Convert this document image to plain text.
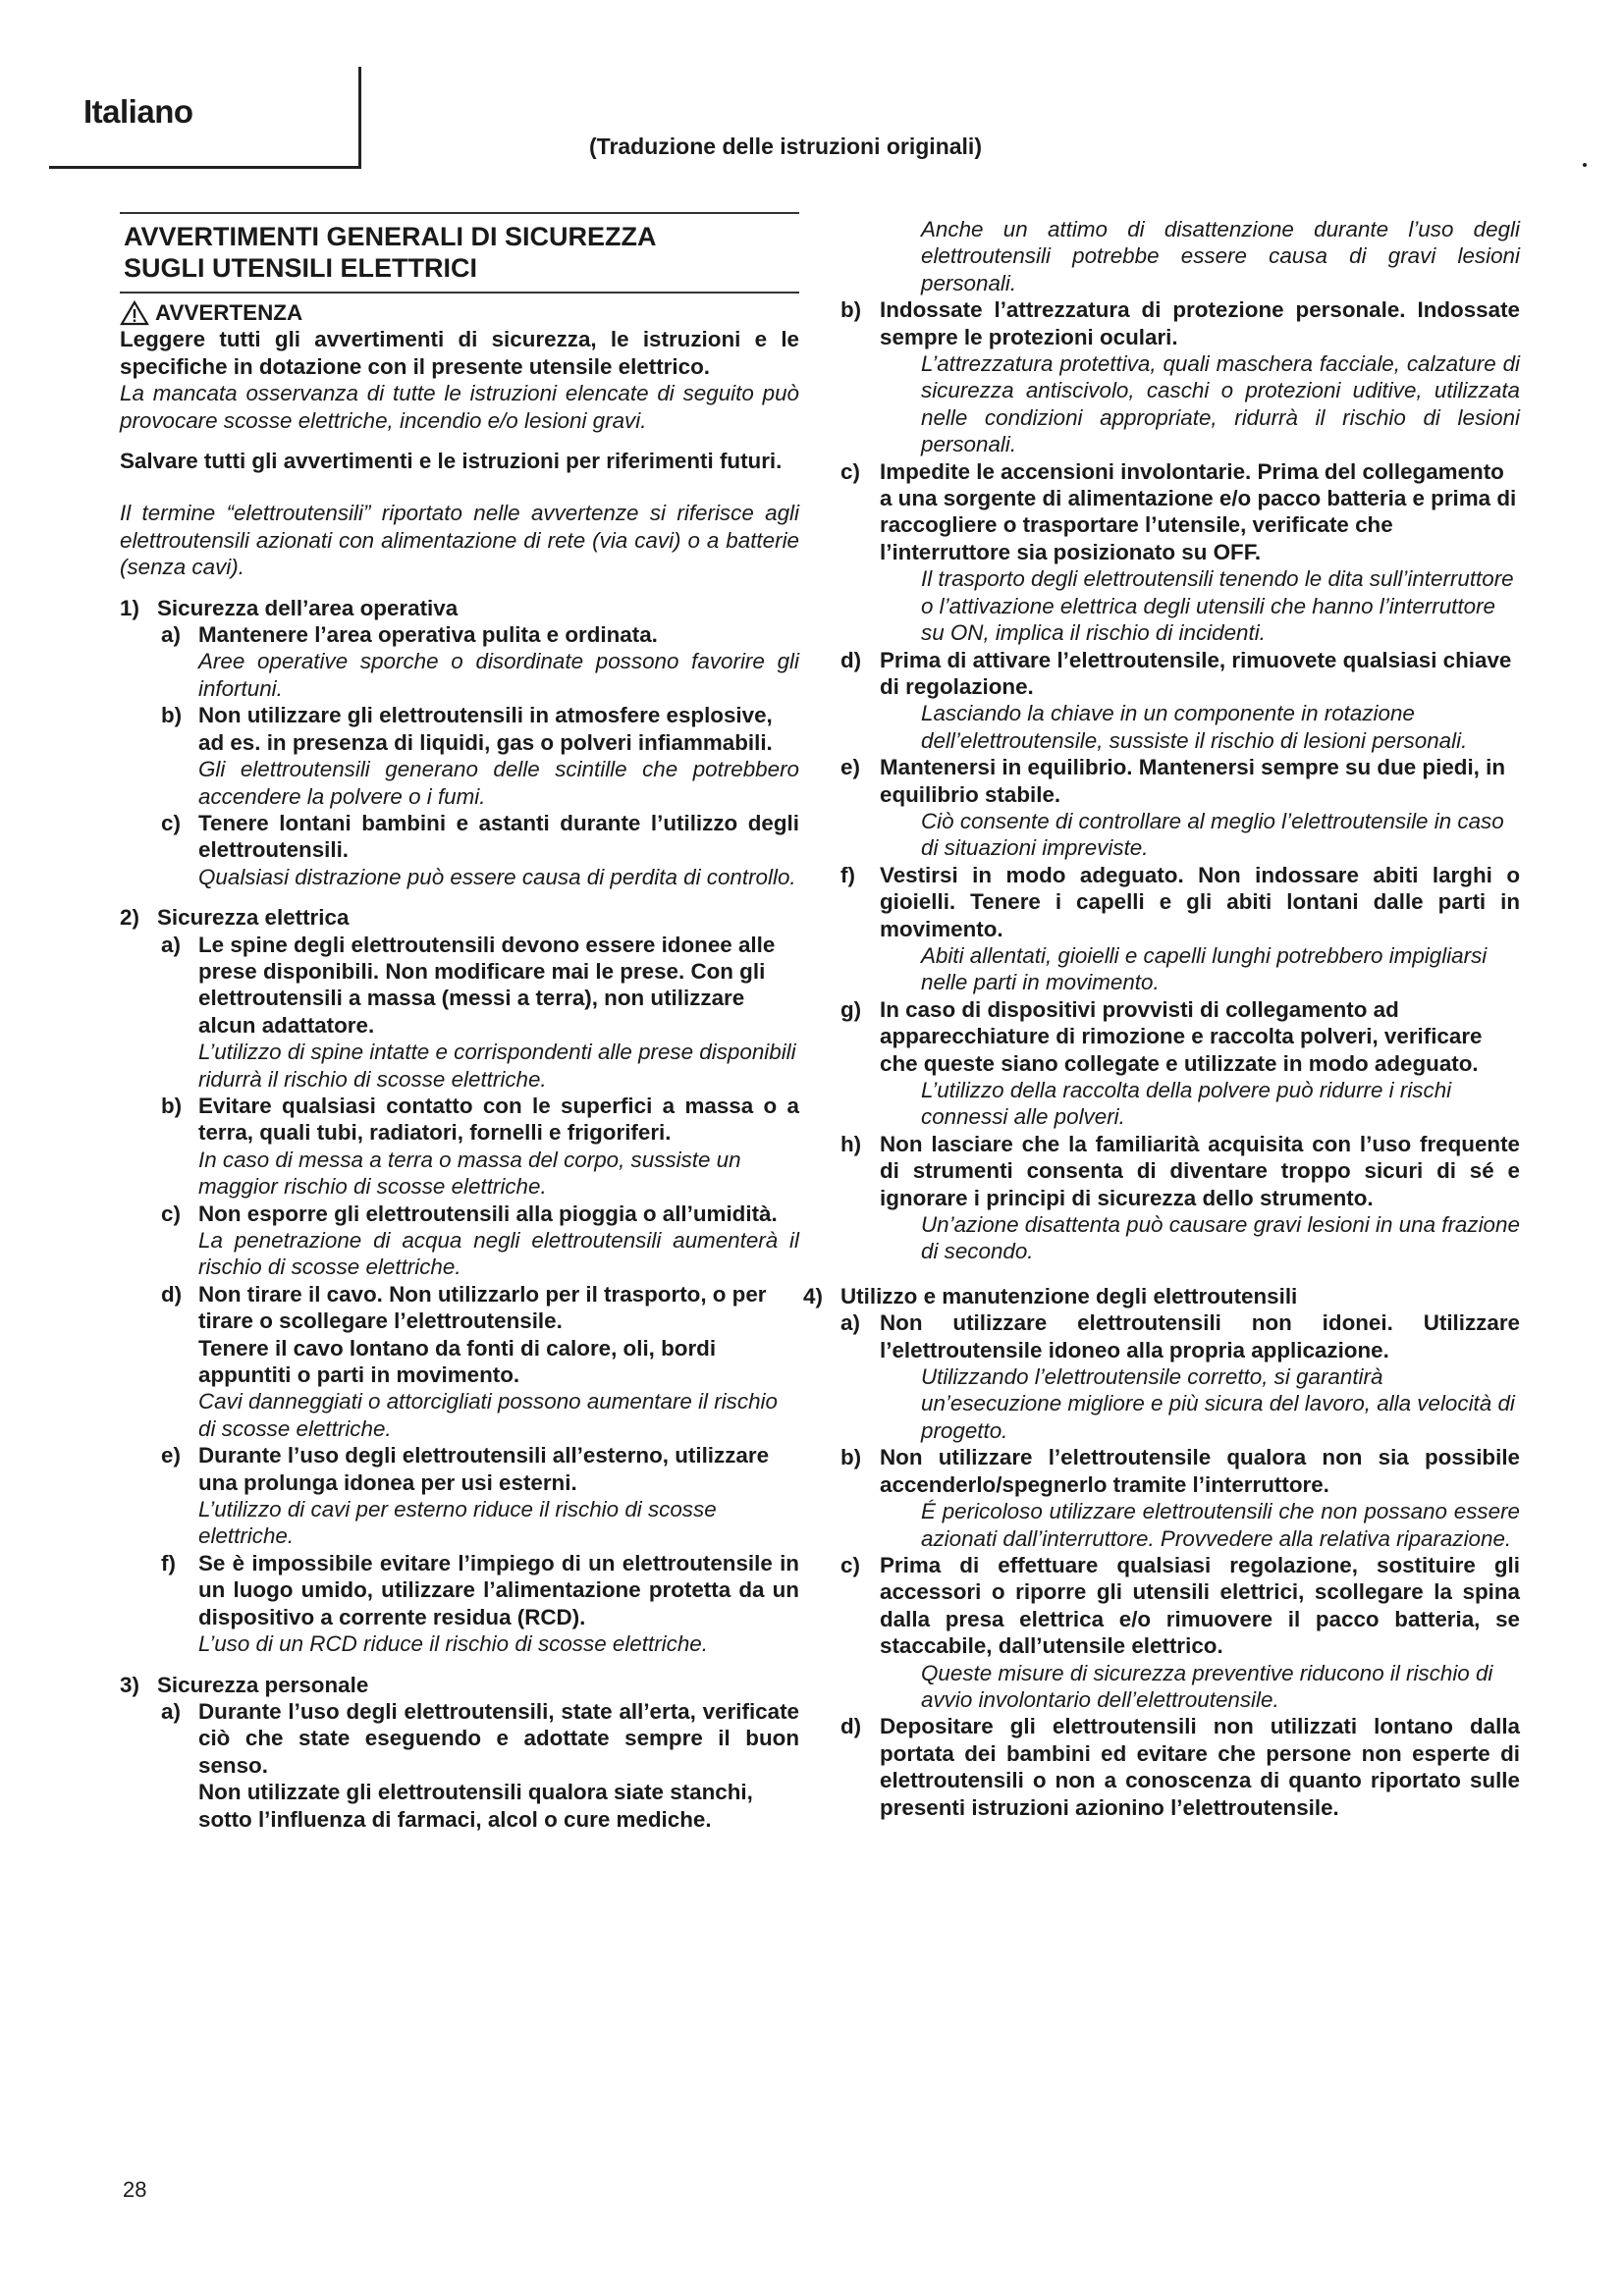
Italiano
(Traduzione delle istruzioni originali)
AVVERTIMENTI GENERALI DI SICUREZZA
SUGLI UTENSILI ELETTRICI
AVVERTENZA

Leggere tutti gli avvertimenti di sicurezza, le istruzioni e le specifiche in dotazione con il presente utensile elettrico.

La mancata osservanza di tutte le istruzioni elencate di seguito può provocare scosse elettriche, incendio e/o lesioni gravi.

Salvare tutti gli avvertimenti e le istruzioni per riferimenti futuri.

Il termine “elettroutensili” riportato nelle avvertenze si riferisce agli elettroutensili azionati con alimentazione di rete (via cavi) o a batterie (senza cavi).

1) Sicurezza dell’area operativa
a) Mantenere l’area operativa pulita e ordinata.

Aree operative sporche o disordinate possono favorire gli infortuni.

b) Non utilizzare gli elettroutensili in atmosfere esplosive, ad es. in presenza di liquidi, gas o polveri infiammabili.

Gli elettroutensili generano delle scintille che potrebbero accendere la polvere o i fumi.

c) Tenere lontani bambini e astanti durante l’utilizzo degli elettroutensili.

Qualsiasi distrazione può essere causa di perdita di controllo.

2) Sicurezza elettrica
a) Le spine degli elettroutensili devono essere idonee alle prese disponibili. Non modificare mai le prese. Con gli elettroutensili a massa (messi a terra), non utilizzare alcun adattatore.

L’utilizzo di spine intatte e corrispondenti alle prese disponibili ridurrà il rischio di scosse elettriche.

b) Evitare qualsiasi contatto con le superfici a massa o a terra, quali tubi, radiatori, fornelli e frigoriferi.

In caso di messa a terra o massa del corpo, sussiste un maggior rischio di scosse elettriche.

c) Non esporre gli elettroutensili alla pioggia o all’umidità.

La penetrazione di acqua negli elettroutensili aumenterà il rischio di scosse elettriche.

d) Non tirare il cavo. Non utilizzarlo per il trasporto, o per tirare o scollegare l’elettroutensile.

Tenere il cavo lontano da fonti di calore, oli, bordi appuntiti o parti in movimento.

Cavi danneggiati o attorcigliati possono aumentare il rischio di scosse elettriche.

e) Durante l’uso degli elettroutensili all’esterno, utilizzare una prolunga idonea per usi esterni.

L’utilizzo di cavi per esterno riduce il rischio di scosse elettriche.

f)	Se è impossibile evitare l’impiego di un elettroutensile in un luogo umido, utilizzare l’alimentazione protetta da un dispositivo a corrente residua (RCD).

L’uso di un RCD riduce il rischio di scosse elettriche.

3) Sicurezza personale
a) Durante l’uso degli elettroutensili, state all’erta, verificate ciò che state eseguendo e adottate sempre il buon senso.

Non utilizzate gli elettroutensili qualora siate stanchi, sotto l’influenza di farmaci, alcol o cure mediche.

Anche un attimo di disattenzione durante l’uso degli elettroutensili potrebbe essere causa di gravi lesioni personali.

b) Indossate l’attrezzatura di protezione personale. Indossate sempre le protezioni oculari.

L’attrezzatura protettiva, quali maschera facciale, calzature di sicurezza antiscivolo, caschi o protezioni uditive, utilizzata nelle condizioni appropriate, ridurrà il rischio di lesioni personali.

c) Impedite le accensioni involontarie. Prima del collegamento a una sorgente di alimentazione e/o pacco batteria e prima di raccogliere o trasportare l’utensile, verificate che l’interruttore sia posizionato su OFF.

Il trasporto degli elettroutensili tenendo le dita sull’interruttore o l’attivazione elettrica degli utensili che hanno l’interruttore su ON, implica il rischio di incidenti.

d) Prima di attivare l’elettroutensile, rimuovete qualsiasi chiave di regolazione.

Lasciando la chiave in un componente in rotazione dell’elettroutensile, sussiste il rischio di lesioni personali.

e) Mantenersi in equilibrio. Mantenersi sempre su due piedi, in equilibrio stabile.

Ciò consente di controllare al meglio l’elettroutensile in caso di situazioni impreviste.

f)	Vestirsi in modo adeguato. Non indossare abiti larghi o gioielli. Tenere i capelli e gli abiti lontani dalle parti in movimento.

Abiti allentati, gioielli e capelli lunghi potrebbero impigliarsi nelle parti in movimento.

g) In caso di dispositivi provvisti di collegamento ad apparecchiature di rimozione e raccolta polveri, verificare che queste siano collegate e utilizzate in modo adeguato.

L’utilizzo della raccolta della polvere può ridurre i rischi connessi alle polveri.

h) Non lasciare che la familiarità acquisita con l’uso frequente di strumenti consenta di diventare troppo sicuri di sé e ignorare i principi di sicurezza dello strumento.

Un’azione disattenta può causare gravi lesioni in una frazione di secondo.

4) Utilizzo e manutenzione degli elettroutensili
a) Non utilizzare elettroutensili non idonei. Utilizzare l’elettroutensile idoneo alla propria applicazione.

Utilizzando l’elettroutensile corretto, si garantirà un’esecuzione migliore e più sicura del lavoro, alla velocità di progetto.

b) Non utilizzare l’elettroutensile qualora non sia possibile accenderlo/spegnerlo tramite l’interruttore.

É pericoloso utilizzare elettroutensili che non possano essere azionati dall’interruttore. Provvedere alla relativa riparazione.

c) Prima di effettuare qualsiasi regolazione, sostituire gli accessori o riporre gli utensili elettrici, scollegare la spina dalla presa elettrica e/o rimuovere il pacco batteria, se staccabile, dall’utensile elettrico.

Queste misure di sicurezza preventive riducono il rischio di avvio involontario dell’elettroutensile.

d) Depositare gli elettroutensili non utilizzati lontano dalla portata dei bambini ed evitare che persone non esperte di elettroutensili o non a conoscenza di quanto riportato sulle presenti istruzioni azionino l’elettroutensile.

28
